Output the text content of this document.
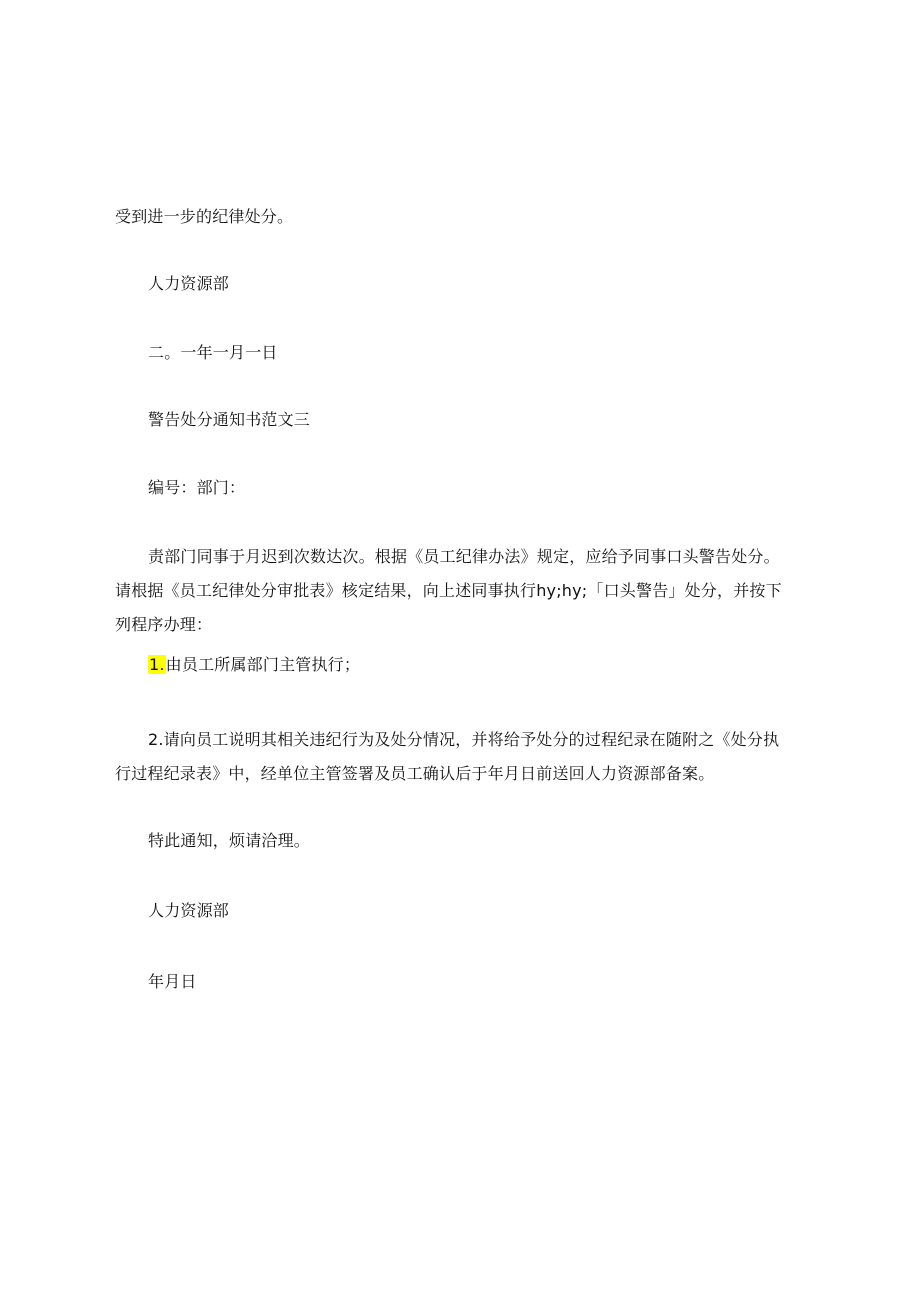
受到进一步的纪律处分。

人力资源部

二。一年一月一日

警告处分通知书范文三

编号：部门：

责部门同事于月迟到次数达次。根据《员工纪律办法》规定，应给予同事口头警告处分。请根据《员工纪律处分审批表》核定结果，向上述同事执行hy;hy;「口头警告」处分，并按下列程序办理：

1.由员工所属部门主管执行；

2.请向员工说明其相关违纪行为及处分情况，并将给予处分的过程纪录在随附之《处分执行过程纪录表》中，经单位主管签署及员工确认后于年月日前送回人力资源部备案。

特此通知，烦请洽理。

人力资源部

年月日
